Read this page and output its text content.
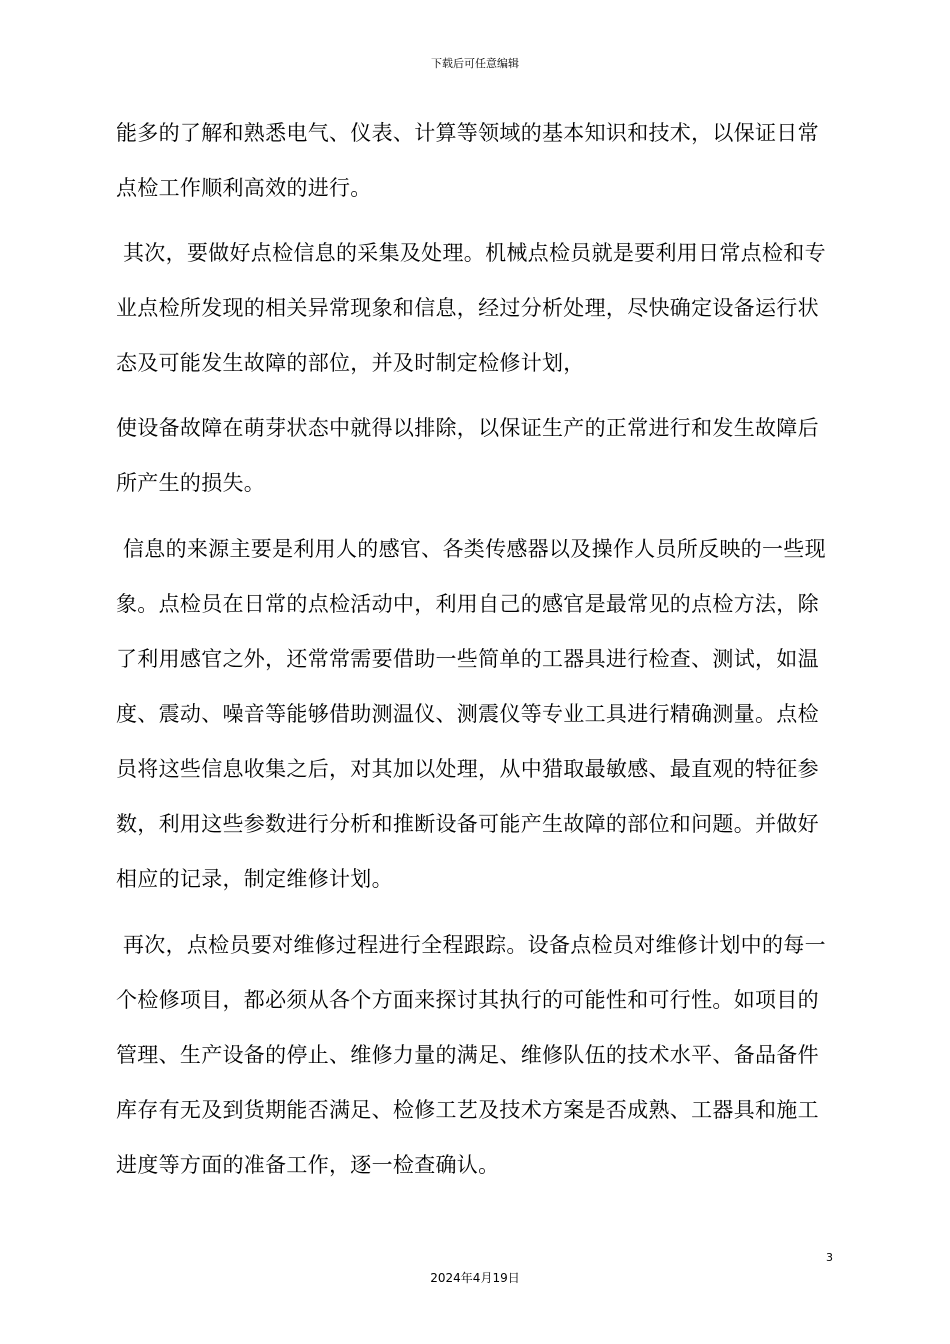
下载后可任意编辑

能多的了解和熟悉电气、仪表、计算等领域的基本知识和技术，以保证日常点检工作顺利高效的进行。

其次，要做好点检信息的采集及处理。机械点检员就是要利用日常点检和专业点检所发现的相关异常现象和信息，经过分析处理，尽快确定设备运行状态及可能发生故障的部位，并及时制定检修计划，

使设备故障在萌芽状态中就得以排除，以保证生产的正常进行和发生故障后所产生的损失。

信息的来源主要是利用人的感官、各类传感器以及操作人员所反映的一些现象。点检员在日常的点检活动中，利用自己的感官是最常见的点检方法，除了利用感官之外，还常常需要借助一些简单的工器具进行检查、测试，如温度、震动、噪音等能够借助测温仪、测震仪等专业工具进行精确测量。点检员将这些信息收集之后，对其加以处理，从中猎取最敏感、最直观的特征参数，利用这些参数进行分析和推断设备可能产生故障的部位和问题。并做好相应的记录，制定维修计划。

再次，点检员要对维修过程进行全程跟踪。设备点检员对维修计划中的每一个检修项目，都必须从各个方面来探讨其执行的可能性和可行性。如项目的管理、生产设备的停止、维修力量的满足、维修队伍的技术水平、备品备件库存有无及到货期能否满足、检修工艺及技术方案是否成熟、工器具和施工进度等方面的准备工作，逐一检查确认。

3
2024年4月19日
